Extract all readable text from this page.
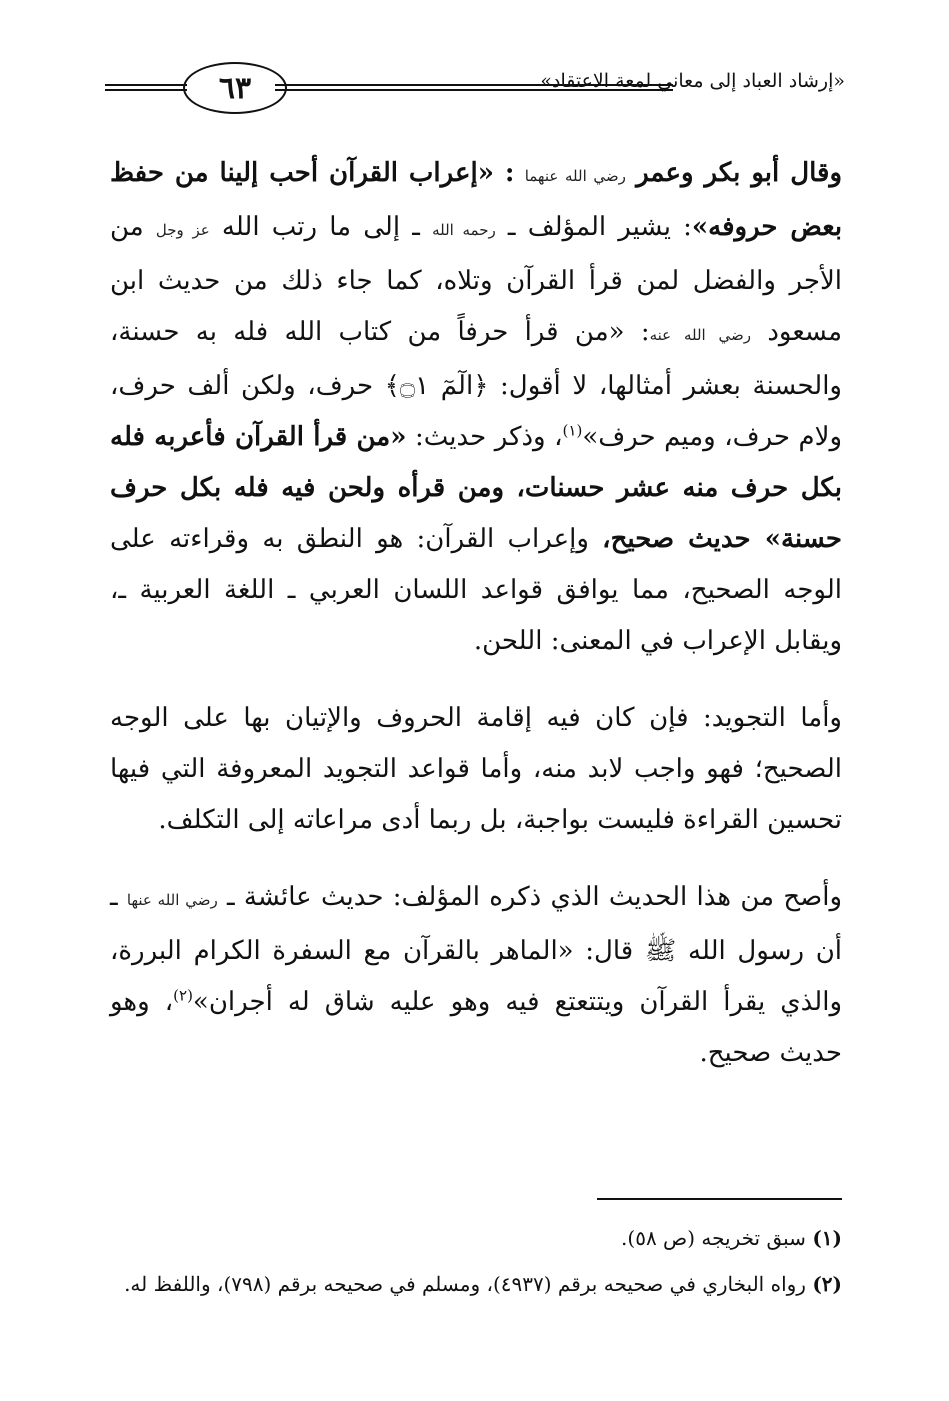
٦٣	«إرشاد العباد إلى معاني لمعة الاعتقاد»

وقال أبو بكر وعمر رضي الله عنهما : «إعراب القرآن أحب إلينا من حفظ بعض حروفه»: يشير المؤلف ـ رحمه الله ـ إلى ما رتب الله عز وجل من الأجر والفضل لمن قرأ القرآن وتلاه، كما جاء ذلك من حديث ابن مسعود رضي الله عنه: «من قرأ حرفاً من كتاب الله فله به حسنة، والحسنة بعشر أمثالها، لا أقول: ﴿الٓمٓ ۝١﴾ حرف، ولكن ألف حرف، ولام حرف، وميم حرف»$^{(١)}$، وذكر حديث: «من قرأ القرآن فأعربه فله بكل حرف منه عشر حسنات، ومن قرأه ولحن فيه فله بكل حرف حسنة» حديث صحيح، وإعراب القرآن: هو النطق به وقراءته على الوجه الصحيح، مما يوافق قواعد اللسان العربي ـ اللغة العربية ـ، ويقابل الإعراب في المعنى: اللحن.

وأما التجويد: فإن كان فيه إقامة الحروف والإتيان بها على الوجه الصحيح؛ فهو واجب لابد منه، وأما قواعد التجويد المعروفة التي فيها تحسين القراءة فليست بواجبة، بل ربما أدى مراعاته إلى التكلف.

وأصح من هذا الحديث الذي ذكره المؤلف: حديث عائشة ـ رضي الله عنها ـ أن رسول الله ﷺ قال: «الماهر بالقرآن مع السفرة الكرام البررة، والذي يقرأ القرآن ويتتعتع فيه وهو عليه شاق له أجران»$^{(٢)}$، وهو حديث صحيح.

(١) سبق تخريجه (ص ٥٨).

(٢) رواه البخاري في صحيحه برقم (٤٩٣٧)، ومسلم في صحيحه برقم (٧٩٨)، واللفظ له.
